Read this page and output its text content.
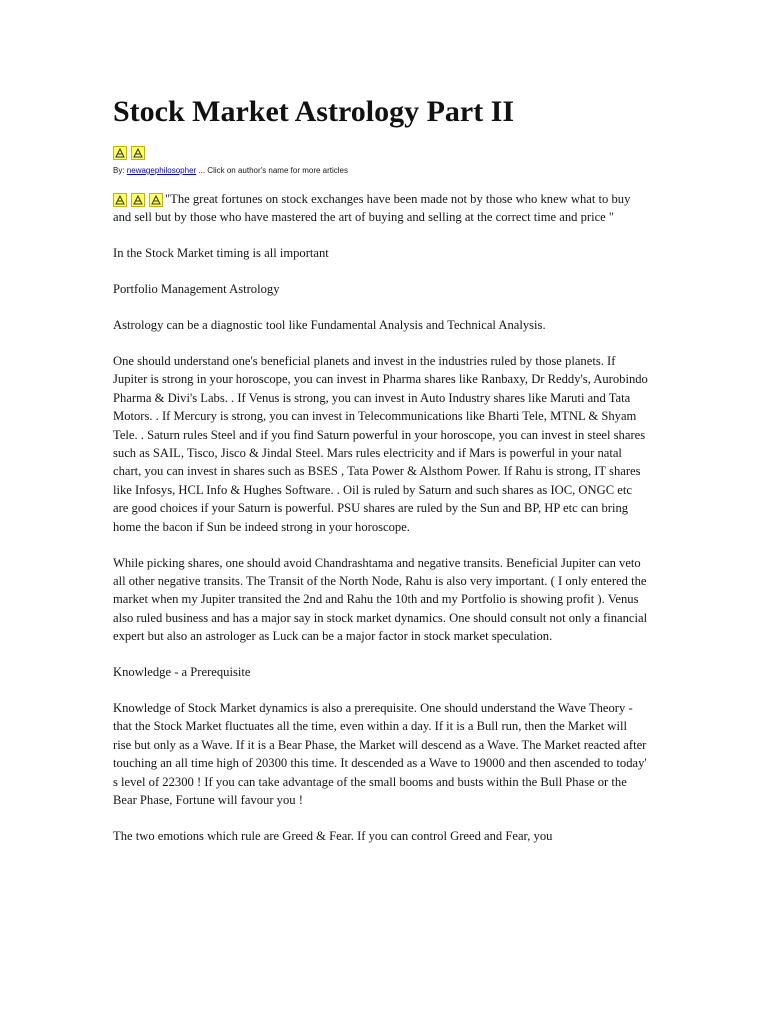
Stock Market Astrology Part II
By: newagephilosopher ... Click on author's name for more articles

"The great fortunes on stock exchanges have been made not by those who knew what to buy and sell but by those who have mastered the art of buying and selling at the correct time and price "

In the Stock Market timing is all important

Portfolio Management Astrology

Astrology can be a diagnostic tool like Fundamental Analysis and Technical Analysis.

One should understand one's beneficial planets and invest in the industries ruled by those planets. If Jupiter is strong in your horoscope, you can invest in Pharma shares like Ranbaxy, Dr Reddy's, Aurobindo Pharma & Divi's Labs. . If Venus is strong, you can invest in Auto Industry shares like Maruti and Tata Motors. . If Mercury is strong, you can invest in Telecommunications like Bharti Tele, MTNL & Shyam Tele. . Saturn rules Steel and if you find Saturn powerful in your horoscope, you can invest in steel shares such as SAIL, Tisco, Jisco & Jindal Steel. Mars rules electricity and if Mars is powerful in your natal chart, you can invest in shares such as BSES , Tata Power & Alsthom Power. If Rahu is strong, IT shares like Infosys, HCL Info & Hughes Software. . Oil is ruled by Saturn and such shares as IOC, ONGC etc are good choices if your Saturn is powerful. PSU shares are ruled by the Sun and BP, HP etc can bring home the bacon if Sun be indeed strong in your horoscope.

While picking shares, one should avoid Chandrashtama and negative transits. Beneficial Jupiter can veto all other negative transits. The Transit of the North Node, Rahu is also very important. ( I only entered the market when my Jupiter transited the 2nd and Rahu the 10th and my Portfolio is showing profit ). Venus also ruled business and has a major say in stock market dynamics. One should consult not only a financial expert but also an astrologer as Luck can be a major factor in stock market speculation.

Knowledge - a Prerequisite

Knowledge of Stock Market dynamics is also a prerequisite. One should understand the Wave Theory - that the Stock Market fluctuates all the time, even within a day. If it is a Bull run, then the Market will rise but only as a Wave. If it is a Bear Phase, the Market will descend as a Wave. The Market reacted after touching an all time high of 20300 this time. It descended as a Wave to 19000 and then ascended to today' s level of 22300 ! If you can take advantage of the small booms and busts within the Bull Phase or the Bear Phase, Fortune will favour you !

The two emotions which rule are Greed & Fear. If you can control Greed and Fear, you
